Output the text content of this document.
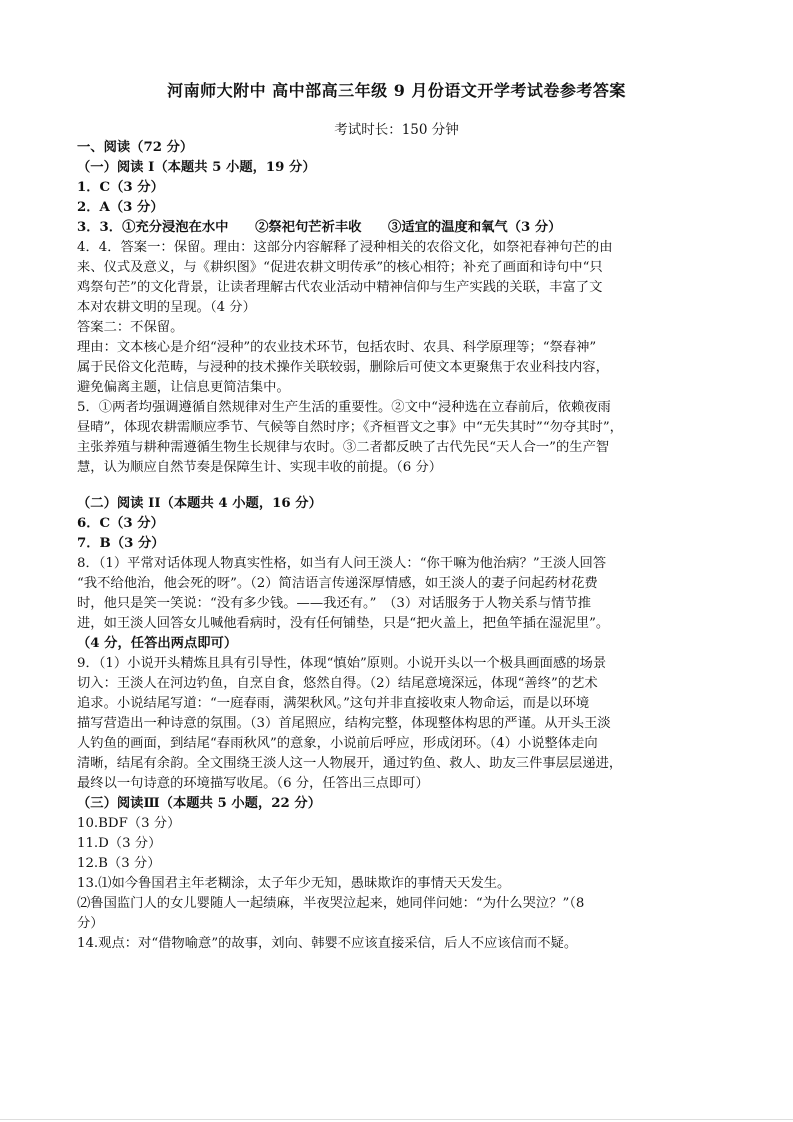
河南师大附中 高中部高三年级 9 月份语文开学考试卷参考答案
考试时长：150 分钟
一、阅读（72 分）
（一）阅读 I（本题共 5 小题，19 分）
1．C（3 分）
2．A（3 分）
3．3．①充分浸泡在水中　　②祭祀句芒祈丰收　　③适宜的温度和氧气（3 分）
4．4．答案一：保留。理由：这部分内容解释了浸种相关的农俗文化，如祭祀春神句芒的由
来、仪式及意义，与《耕织图》“促进农耕文明传承”的核心相符；补充了画面和诗句中“只
鸡祭句芒”的文化背景，让读者理解古代农业活动中精神信仰与生产实践的关联，丰富了文
本对农耕文明的呈现。（4 分）
答案二：不保留。
理由：文本核心是介绍“浸种”的农业技术环节，包括农时、农具、科学原理等；“祭春神”
属于民俗文化范畴，与浸种的技术操作关联较弱，删除后可使文本更聚焦于农业科技内容，
避免偏离主题，让信息更简洁集中。
5．①两者均强调遵循自然规律对生产生活的重要性。②文中“浸种选在立春前后，依赖夜雨
昼晴”，体现农耕需顺应季节、气候等自然时序；《齐桓晋文之事》中“无失其时”“勿夺其时”，
主张养殖与耕种需遵循生物生长规律与农时。③二者都反映了古代先民“天人合一”的生产智
慧，认为顺应自然节奏是保障生计、实现丰收的前提。（6 分）
（二）阅读 II（本题共 4 小题，16 分）
6．C（3 分）
7．B（3 分）
8．（1）平常对话体现人物真实性格，如当有人问王淡人：“你干嘛为他治病？”王淡人回答
“我不给他治，他会死的呀”。（2）简洁语言传递深厚情感，如王淡人的妻子问起药材花费
时，他只是笑一笑说：“没有多少钱。——我还有。”　（3）对话服务于人物关系与情节推
进，如王淡人回答女儿喊他看病时，没有任何铺垫，只是“把火盖上，把鱼竿插在湿泥里”。
（4 分，任答出两点即可）
9．（1）小说开头精炼且具有引导性，体现“慎始”原则。小说开头以一个极具画面感的场景
切入：王淡人在河边钓鱼，自烹自食，悠然自得。（2）结尾意境深远，体现“善终”的艺术
追求。小说结尾写道：“一庭春雨，满架秋风。”这句并非直接收束人物命运，而是以环境
描写营造出一种诗意的氛围。（3）首尾照应，结构完整，体现整体构思的严谨。从开头王淡
人钓鱼的画面，到结尾“春雨秋风”的意象，小说前后呼应，形成闭环。（4）小说整体走向
清晰，结尾有余韵。全文围绕王淡人这一人物展开，通过钓鱼、救人、助友三件事层层递进，
最终以一句诗意的环境描写收尾。（6 分，任答出三点即可）
（三）阅读Ⅲ（本题共 5 小题，22 分）
10.BDF（3 分）
11.D（3 分）
12.B（3 分）
13.⑴如今鲁国君主年老糊涂，太子年少无知，愚昧欺诈的事情天天发生。
⑵鲁国监门人的女儿婴随人一起绩麻，半夜哭泣起来，她同伴问她：“为什么哭泣？”（8
分）
14.观点：对“借物喻意”的故事，刘向、韩婴不应该直接采信，后人不应该信而不疑。
